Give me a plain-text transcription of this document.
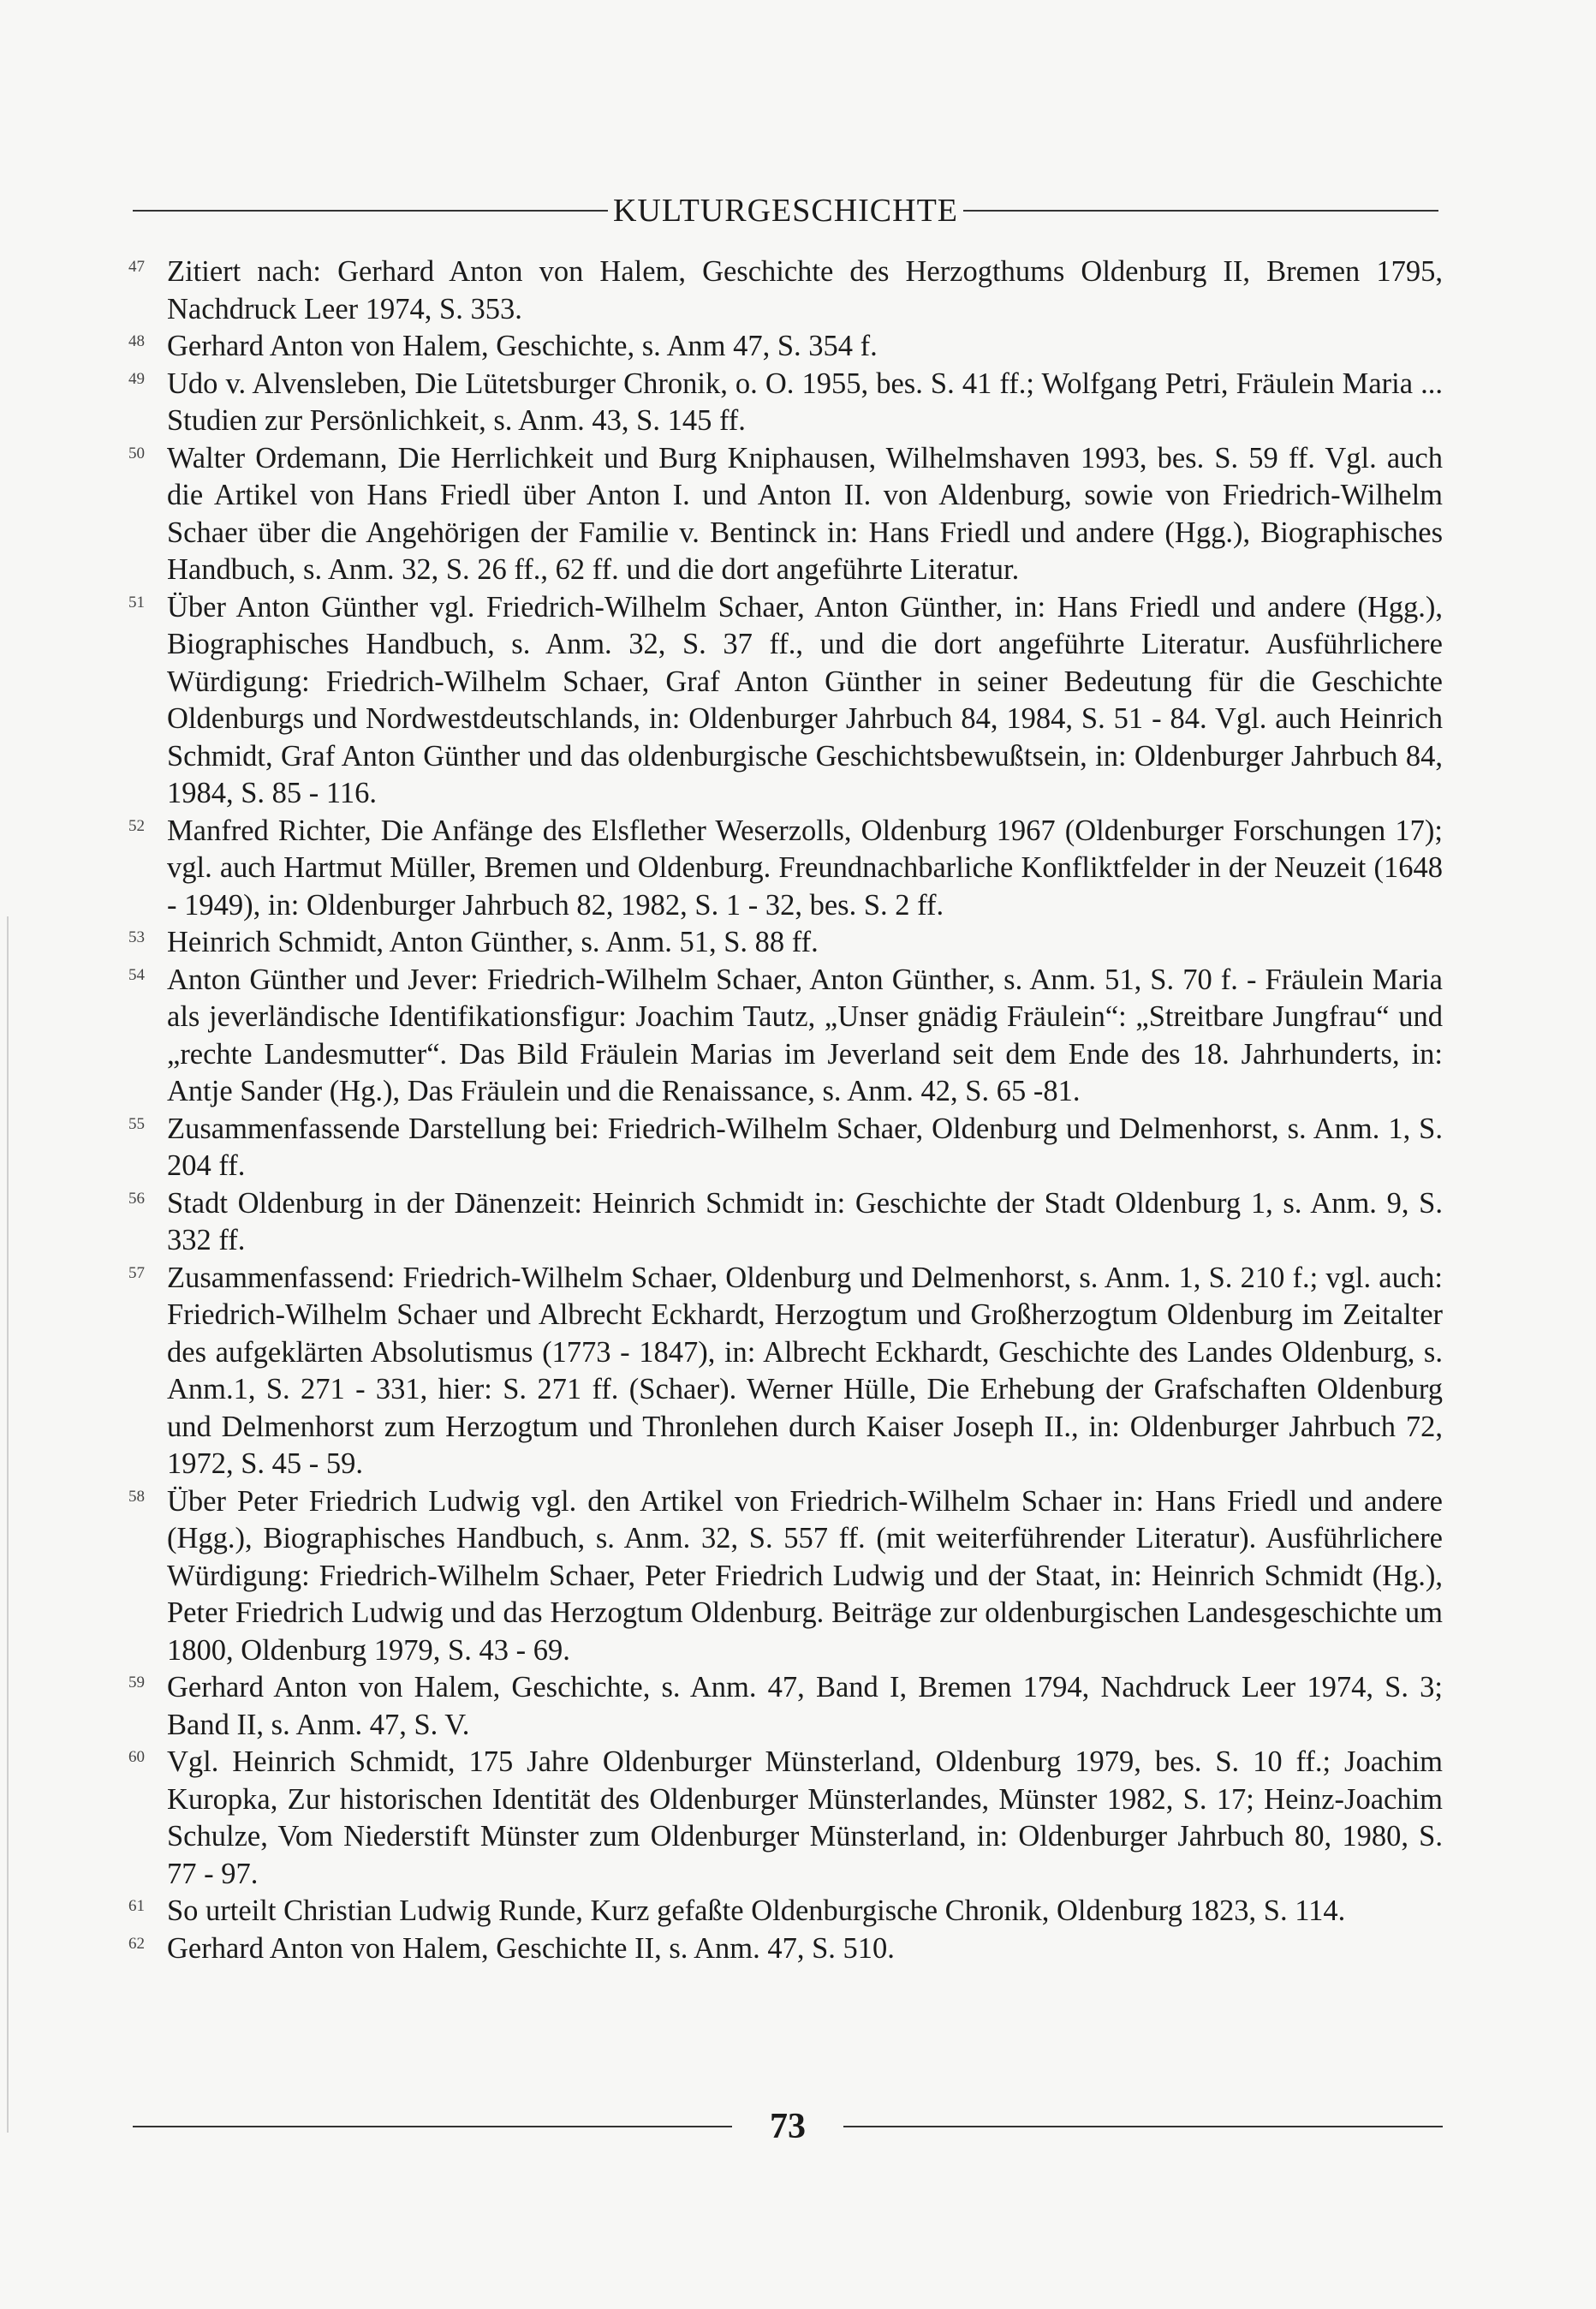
KULTURGESCHICHTE
47 Zitiert nach: Gerhard Anton von Halem, Geschichte des Herzogthums Oldenburg II, Bremen 1795, Nachdruck Leer 1974, S. 353.
48 Gerhard Anton von Halem, Geschichte, s. Anm 47, S. 354 f.
49 Udo v. Alvensleben, Die Lütetsburger Chronik, o. O. 1955, bes. S. 41 ff.; Wolfgang Petri, Fräulein Maria ... Studien zur Persönlichkeit, s. Anm. 43, S. 145 ff.
50 Walter Ordemann, Die Herrlichkeit und Burg Kniphausen, Wilhelmshaven 1993, bes. S. 59 ff. Vgl. auch die Artikel von Hans Friedl über Anton I. und Anton II. von Aldenburg, sowie von Friedrich-Wilhelm Schaer über die Angehörigen der Familie v. Bentinck in: Hans Friedl und andere (Hgg.), Biographisches Handbuch, s. Anm. 32, S. 26 ff., 62 ff. und die dort angeführte Literatur.
51 Über Anton Günther vgl. Friedrich-Wilhelm Schaer, Anton Günther, in: Hans Friedl und andere (Hgg.), Biographisches Handbuch, s. Anm. 32, S. 37 ff., und die dort angeführte Literatur. Ausführlichere Würdigung: Friedrich-Wilhelm Schaer, Graf Anton Günther in seiner Bedeutung für die Geschichte Oldenburgs und Nordwestdeutschlands, in: Oldenburger Jahrbuch 84, 1984, S. 51 - 84. Vgl. auch Heinrich Schmidt, Graf Anton Günther und das oldenburgische Geschichtsbewußtsein, in: Oldenburger Jahrbuch 84, 1984, S. 85 - 116.
52 Manfred Richter, Die Anfänge des Elsflether Weserzolls, Oldenburg 1967 (Oldenburger Forschungen 17); vgl. auch Hartmut Müller, Bremen und Oldenburg. Freundnachbarliche Konfliktfelder in der Neuzeit (1648 - 1949), in: Oldenburger Jahrbuch 82, 1982, S. 1 - 32, bes. S. 2 ff.
53 Heinrich Schmidt, Anton Günther, s. Anm. 51, S. 88 ff.
54 Anton Günther und Jever: Friedrich-Wilhelm Schaer, Anton Günther, s. Anm. 51, S. 70 f. - Fräulein Maria als jeverländische Identifikationsfigur: Joachim Tautz, „Unser gnädig Fräulein“: „Streitbare Jungfrau“ und „rechte Landesmutter“. Das Bild Fräulein Marias im Jeverland seit dem Ende des 18. Jahrhunderts, in: Antje Sander (Hg.), Das Fräulein und die Renaissance, s. Anm. 42, S. 65 -81.
55 Zusammenfassende Darstellung bei: Friedrich-Wilhelm Schaer, Oldenburg und Delmenhorst, s. Anm. 1, S. 204 ff.
56 Stadt Oldenburg in der Dänenzeit: Heinrich Schmidt in: Geschichte der Stadt Oldenburg 1, s. Anm. 9, S. 332 ff.
57 Zusammenfassend: Friedrich-Wilhelm Schaer, Oldenburg und Delmenhorst, s. Anm. 1, S. 210 f.; vgl. auch: Friedrich-Wilhelm Schaer und Albrecht Eckhardt, Herzogtum und Großherzogtum Oldenburg im Zeitalter des aufgeklärten Absolutismus (1773 - 1847), in: Albrecht Eckhardt, Geschichte des Landes Oldenburg, s. Anm.1, S. 271 - 331, hier: S. 271 ff. (Schaer). Werner Hülle, Die Erhebung der Grafschaften Oldenburg und Delmenhorst zum Herzogtum und Thronlehen durch Kaiser Joseph II., in: Oldenburger Jahrbuch 72, 1972, S. 45 - 59.
58 Über Peter Friedrich Ludwig vgl. den Artikel von Friedrich-Wilhelm Schaer in: Hans Friedl und andere (Hgg.), Biographisches Handbuch, s. Anm. 32, S. 557 ff. (mit weiterführender Literatur). Ausführlichere Würdigung: Friedrich-Wilhelm Schaer, Peter Friedrich Ludwig und der Staat, in: Heinrich Schmidt (Hg.), Peter Friedrich Ludwig und das Herzogtum Oldenburg. Beiträge zur oldenburgischen Landesgeschichte um 1800, Oldenburg 1979, S. 43 - 69.
59 Gerhard Anton von Halem, Geschichte, s. Anm. 47, Band I, Bremen 1794, Nachdruck Leer 1974, S. 3; Band II, s. Anm. 47, S. V.
60 Vgl. Heinrich Schmidt, 175 Jahre Oldenburger Münsterland, Oldenburg 1979, bes. S. 10 ff.; Joachim Kuropka, Zur historischen Identität des Oldenburger Münsterlandes, Münster 1982, S. 17; Heinz-Joachim Schulze, Vom Niederstift Münster zum Oldenburger Münsterland, in: Oldenburger Jahrbuch 80, 1980, S. 77 - 97.
61 So urteilt Christian Ludwig Runde, Kurz gefaßte Oldenburgische Chronik, Oldenburg 1823, S. 114.
62 Gerhard Anton von Halem, Geschichte II, s. Anm. 47, S. 510.
73
